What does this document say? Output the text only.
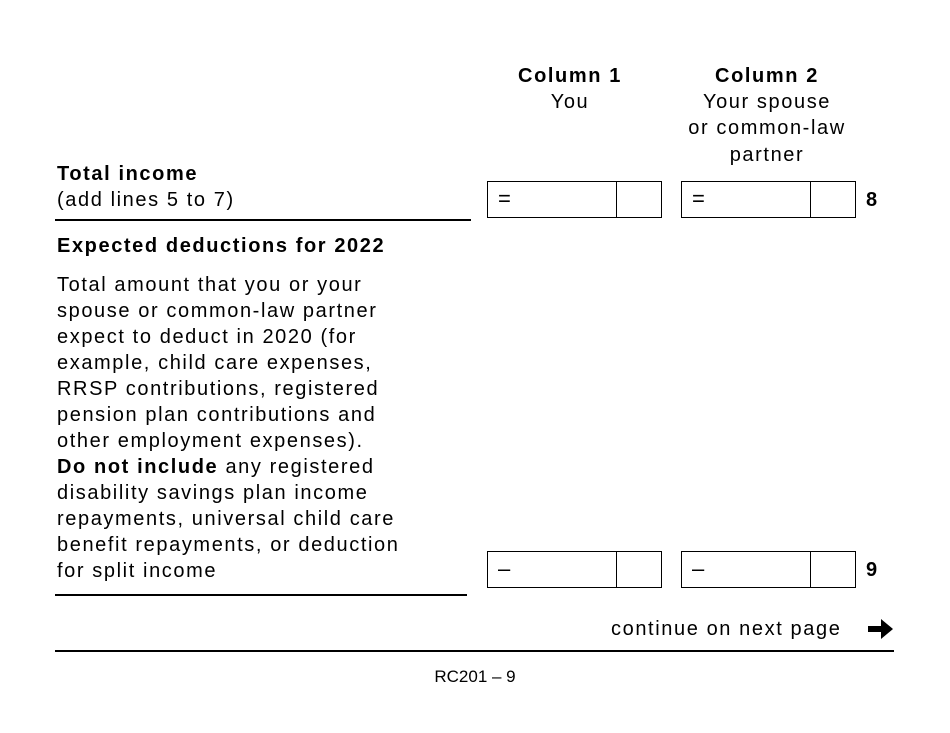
Column 1
You
Column 2
Your spouse
or common-law
partner
Total income
(add lines 5 to 7)	=	=	8
Expected deductions for 2022
Total amount that you or your
spouse or common-law partner
expect to deduct in 2020 (for
example, child care expenses,
RRSP contributions, registered
pension plan contributions and
other employment expenses).
Do not include any registered
disability savings plan income
repayments, universal child care
benefit repayments, or deduction
for split income	–	–	9
continue on next page
RC201 – 9
